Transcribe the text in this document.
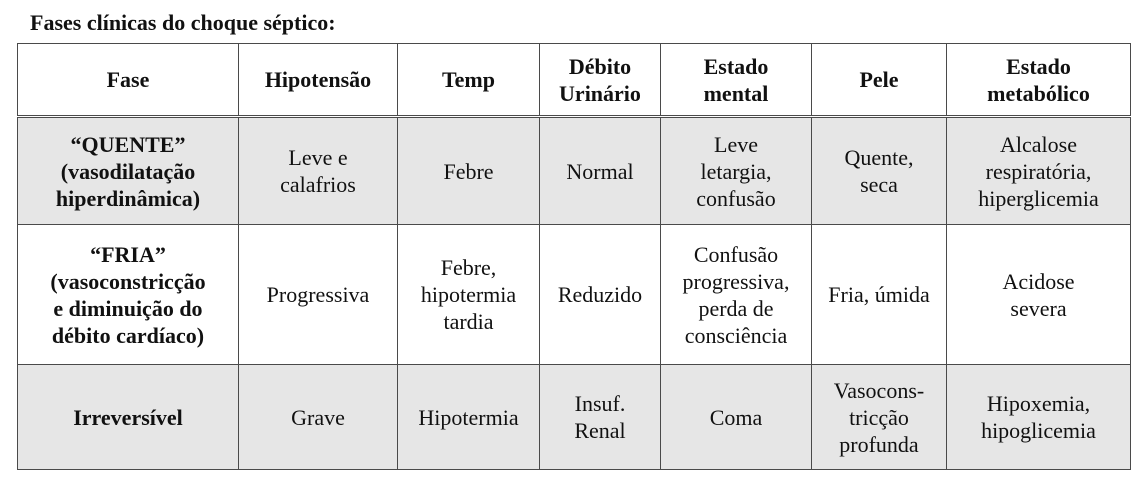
Fases clínicas do choque séptico:
Fase	Hipotensão	Temp	Débito
Urinário	Estado
mental	Pele	Estado
metabólico

“QUENTE”
(vasodilatação
hiperdinâmica)	Leve e
calafrios	Febre	Normal	Leve
letargia,
confusão	Quente,
seca	Alcalose
respiratória,
hiperglicemia

“FRIA”
(vasoconstricção
e diminuição do
débito cardíaco)	Progressiva	Febre,
hipotermia
tardia	Reduzido	Confusão
progressiva,
perda de
consciência	Fria, úmida	Acidose
severa

Irreversível	Grave	Hipotermia	Insuf.
Renal	Coma	Vasocons-
tricção
profunda	Hipoxemia,
hipoglicemia
